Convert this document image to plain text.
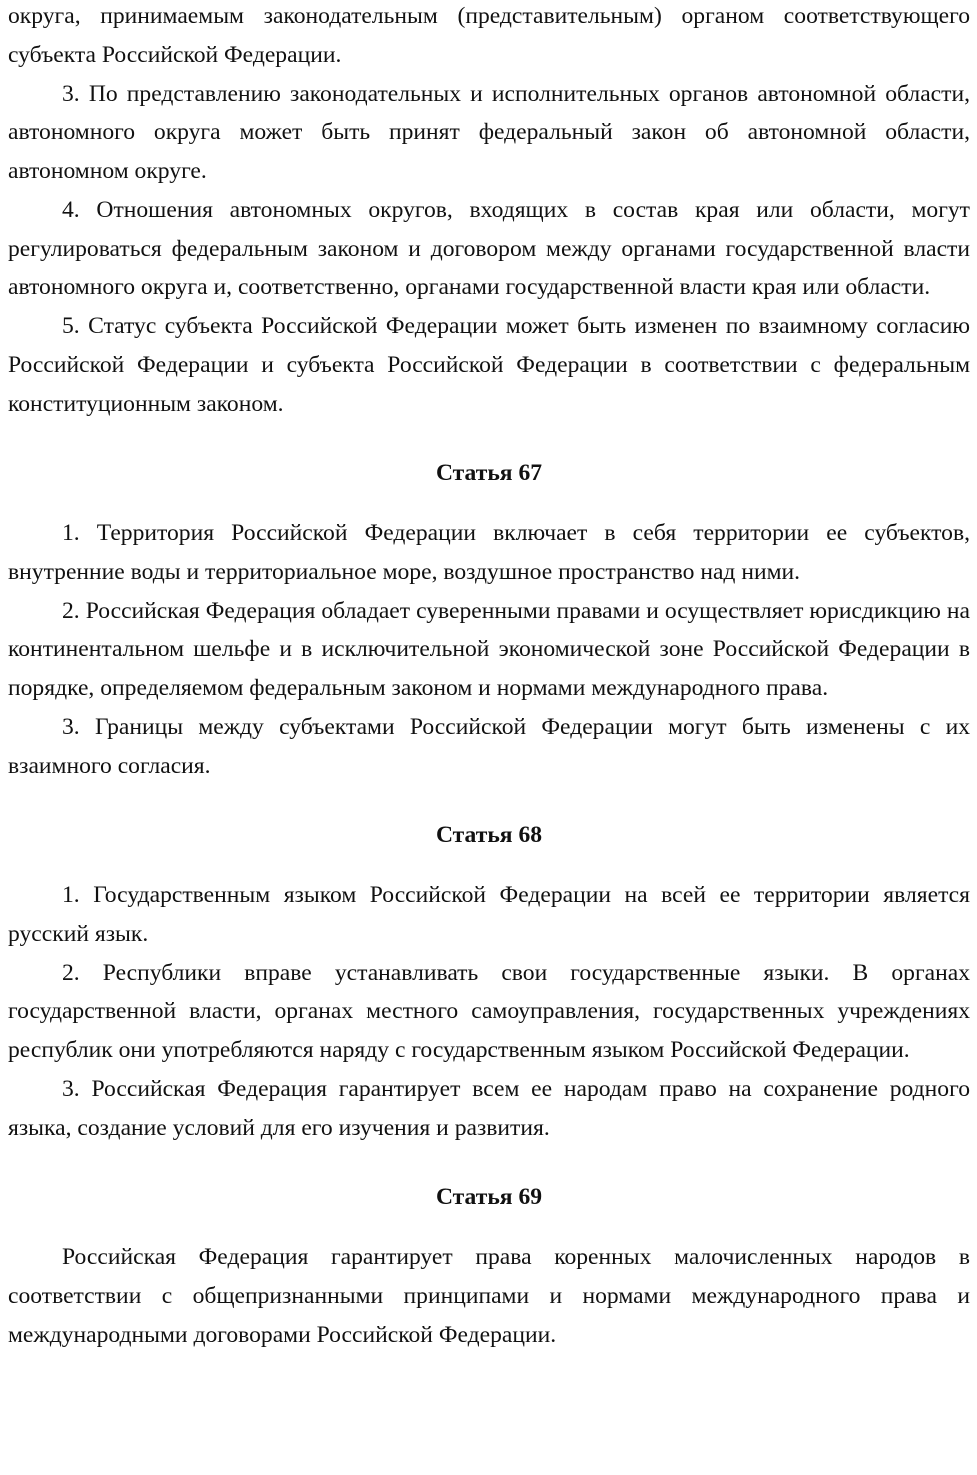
округа, принимаемым законодательным (представительным) органом соответствующего субъекта Российской Федерации.

3. По представлению законодательных и исполнительных органов автономной области, автономного округа может быть принят федеральный закон об автономной области, автономном округе.

4. Отношения автономных округов, входящих в состав края или области, могут регулироваться федеральным законом и договором между органами государственной власти автономного округа и, соответственно, органами государственной власти края или области.

5. Статус субъекта Российской Федерации может быть изменен по взаимному согласию Российской Федерации и субъекта Российской Федерации в соответствии с федеральным конституционным законом.

Статья 67

1. Территория Российской Федерации включает в себя территории ее субъектов, внутренние воды и территориальное море, воздушное пространство над ними.

2. Российская Федерация обладает суверенными правами и осуществляет юрисдикцию на континентальном шельфе и в исключительной экономической зоне Российской Федерации в порядке, определяемом федеральным законом и нормами международного права.

3. Границы между субъектами Российской Федерации могут быть изменены с их взаимного согласия.

Статья 68

1. Государственным языком Российской Федерации на всей ее территории является русский язык.

2. Республики вправе устанавливать свои государственные языки. В органах государственной власти, органах местного самоуправления, государственных учреждениях республик они употребляются наряду с государственным языком Российской Федерации.

3. Российская Федерация гарантирует всем ее народам право на сохранение родного языка, создание условий для его изучения и развития.

Статья 69

Российская Федерация гарантирует права коренных малочисленных народов в соответствии с общепризнанными принципами и нормами международного права и международными договорами Российской Федерации.
